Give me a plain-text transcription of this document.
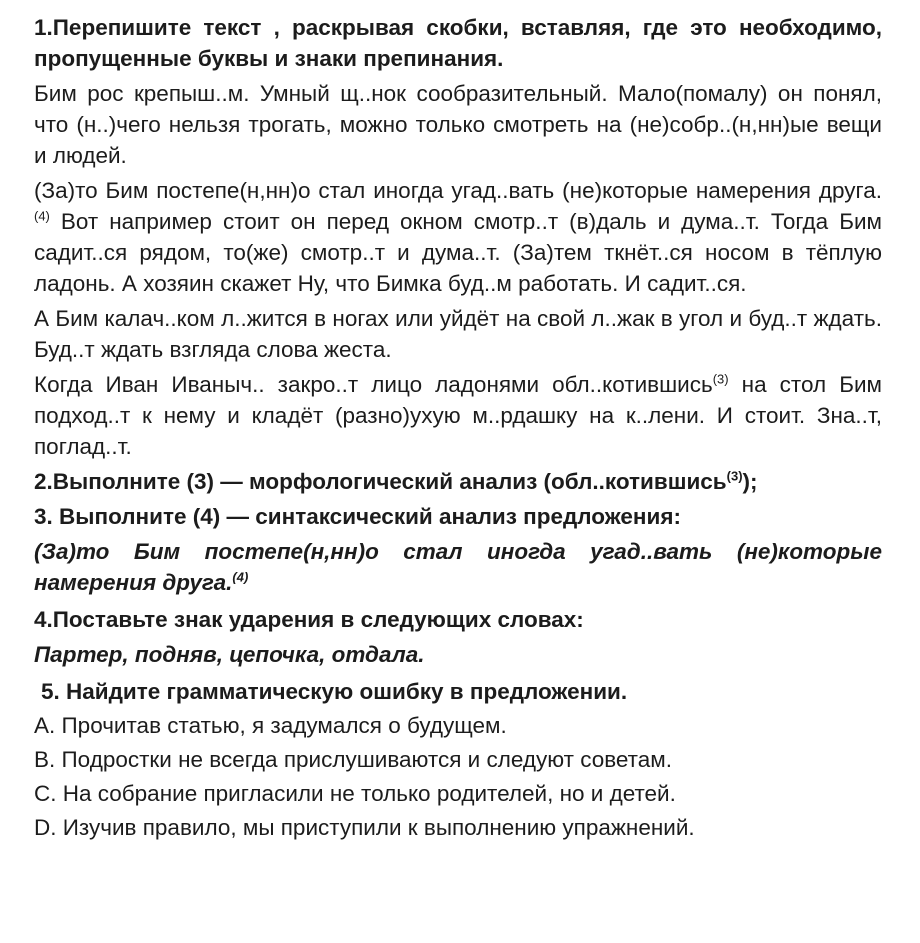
1.Перепишите текст , раскрывая скобки, вставляя, где это необходимо, пропущенные буквы и знаки препинания.

Бим рос крепыш..м. Умный щ..нок сообразительный. Мало(помалу) он понял, что (н..)чего нельзя трогать, можно только смотреть на (не)собр..(н,нн)ые вещи и людей.

(За)то Бим постепе(н,нн)о стал иногда угад..вать (не)которые намерения друга.$^{(4)}$ Вот например стоит он перед окном смотр..т (в)даль и дума..т. Тогда Бим садит..ся рядом, то(же) смотр..т и дума..т. (За)тем ткнёт..ся носом в тёплую ладонь. А хозяин скажет Ну, что Бимка буд..м работать. И садит..ся.

А Бим калач..ком л..жится в ногах или уйдёт на свой л..жак в угол и буд..т ждать. Буд..т ждать взгляда слова жеста.

Когда Иван Иваныч.. закро..т лицо ладонями обл..котившись$^{(3)}$ на стол Бим подход..т к нему и кладёт (разно)ухую м..рдашку на к..лени. И стоит. Зна..т, поглад..т.

2.Выполните (3) — морфологический анализ (обл..котившись$^{(3)}$);

3. Выполните (4) — синтаксический анализ предложения:

(За)то Бим постепе(н,нн)о стал иногда угад..вать (не)которые намерения друга.$^{(4)}$

4.Поставьте знак ударения в следующих словах:

Партер, подняв, цепочка, отдала.

5. Найдите грамматическую ошибку в предложении.

A. Прочитав статью, я задумался о будущем.

B. Подростки не всегда прислушиваются и следуют советам.

C. На собрание пригласили не только родителей, но и детей.

D. Изучив правило, мы приступили к выполнению упражнений.
